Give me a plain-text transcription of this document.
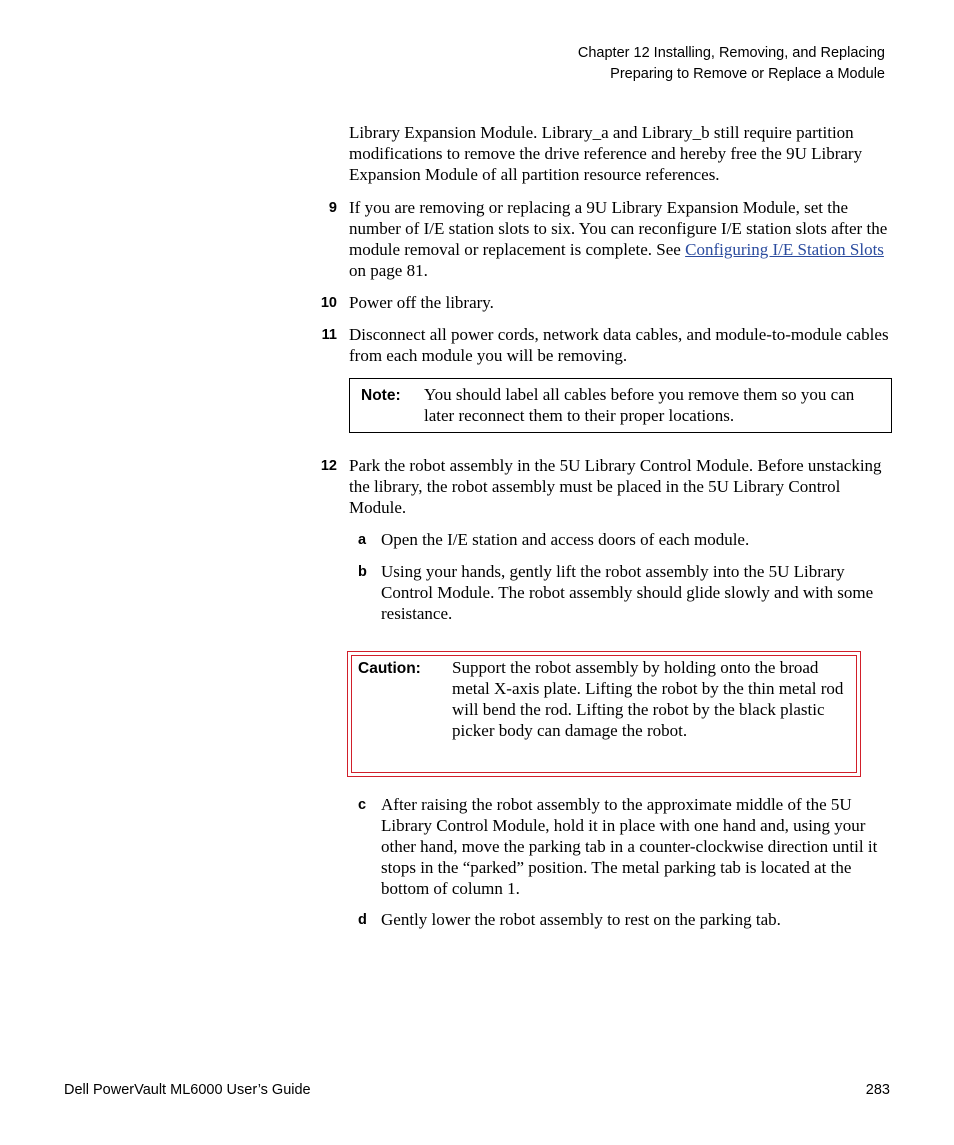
Chapter 12 Installing, Removing, and Replacing
Preparing to Remove or Replace a Module
Library Expansion Module. Library_a and Library_b still require partition modifications to remove the drive reference and hereby free the 9U Library Expansion Module of all partition resource references.
9 If you are removing or replacing a 9U Library Expansion Module, set the number of I/E station slots to six. You can reconfigure I/E station slots after the module removal or replacement is complete. See Configuring I/E Station Slots on page 81.
10 Power off the library.
11 Disconnect all power cords, network data cables, and module-to-module cables from each module you will be removing.
Note: You should label all cables before you remove them so you can later reconnect them to their proper locations.
12 Park the robot assembly in the 5U Library Control Module. Before unstacking the library, the robot assembly must be placed in the 5U Library Control Module.
a Open the I/E station and access doors of each module.
b Using your hands, gently lift the robot assembly into the 5U Library Control Module. The robot assembly should glide slowly and with some resistance.
Caution: Support the robot assembly by holding onto the broad metal X-axis plate. Lifting the robot by the thin metal rod will bend the rod. Lifting the robot by the black plastic picker body can damage the robot.
c After raising the robot assembly to the approximate middle of the 5U Library Control Module, hold it in place with one hand and, using your other hand, move the parking tab in a counter-clockwise direction until it stops in the “parked” position. The metal parking tab is located at the bottom of column 1.
d Gently lower the robot assembly to rest on the parking tab.
Dell PowerVault ML6000 User’s Guide	283
